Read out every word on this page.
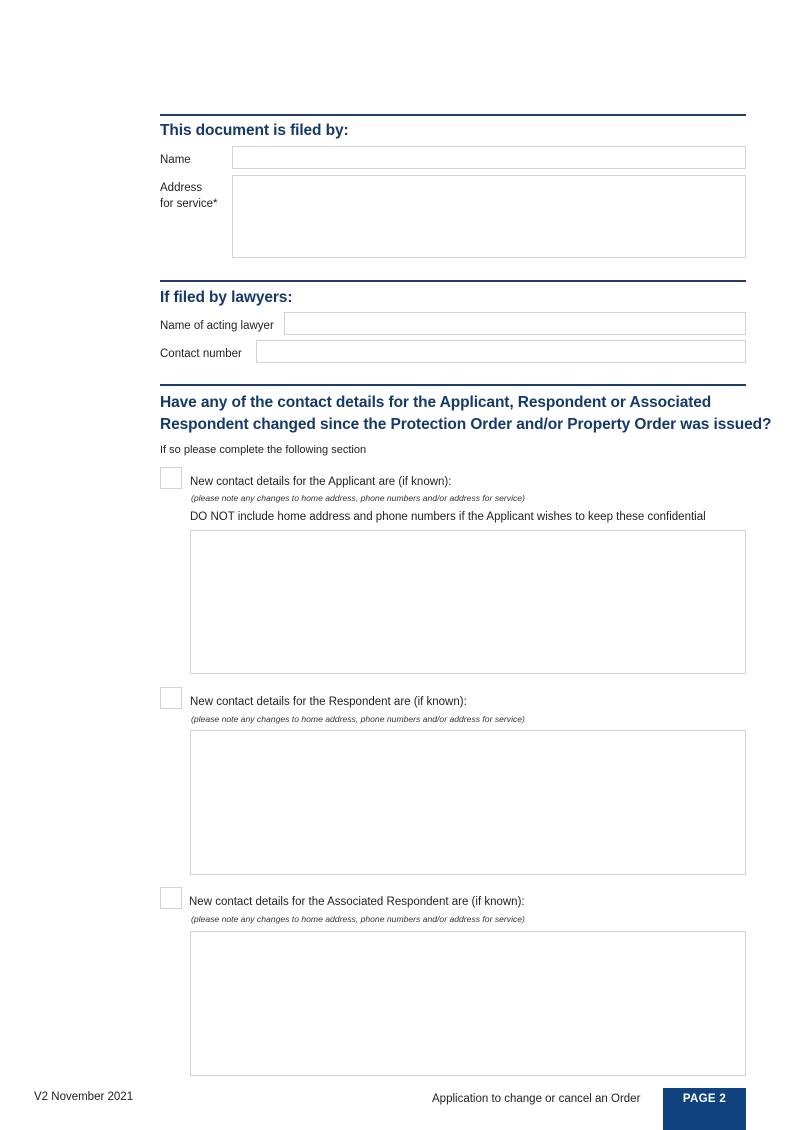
This document is filed by:
Name
Address
for service*
If filed by lawyers:
Name of acting lawyer
Contact number
Have any of the contact details for the Applicant, Respondent or Associated
Respondent changed since the Protection Order and/or Property Order was issued?
If so please complete the following section
New contact details for the Applicant are (if known):
(please note any changes to home address, phone numbers and/or address for service)
DO NOT include home address and phone numbers if the Applicant wishes to keep these confidential
New contact details for the Respondent are (if known):
(please note any changes to home address, phone numbers and/or address for service)
New contact details for the Associated Respondent are (if known):
(please note any changes to home address, phone numbers and/or address for service)
V2 November 2021	Application to change or cancel an Order	PAGE 2
